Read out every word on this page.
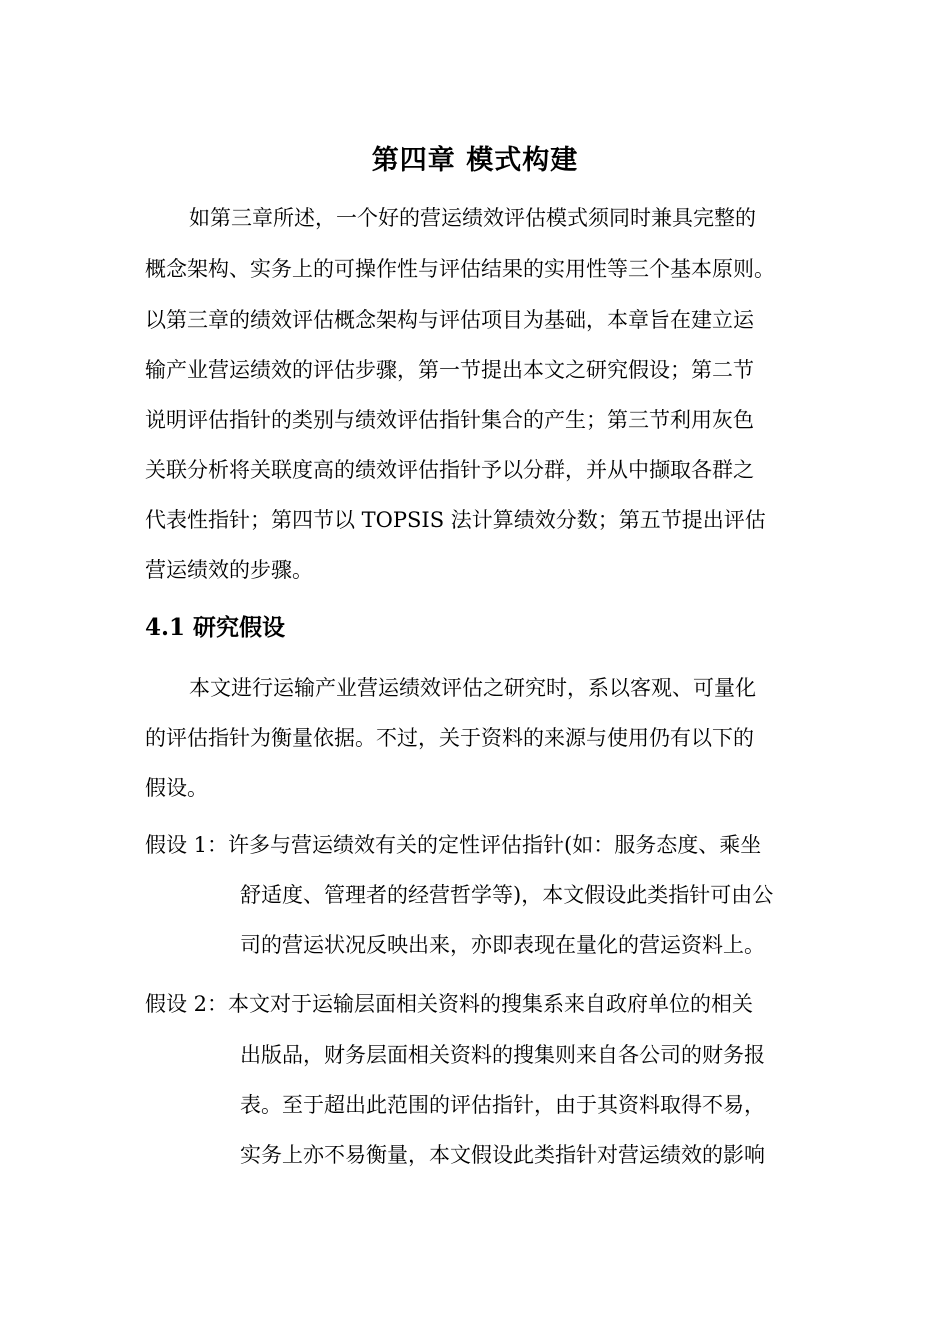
第四章 模式构建
如第三章所述，一个好的营运绩效评估模式须同时兼具完整的
概念架构、实务上的可操作性与评估结果的实用性等三个基本原则。
以第三章的绩效评估概念架构与评估项目为基础，本章旨在建立运
输产业营运绩效的评估步骤，第一节提出本文之研究假设；第二节
说明评估指针的类别与绩效评估指针集合的产生；第三节利用灰色
关联分析将关联度高的绩效评估指针予以分群，并从中撷取各群之
代表性指针；第四节以 TOPSIS 法计算绩效分数；第五节提出评估
营运绩效的步骤。
4.1 研究假设
本文进行运输产业营运绩效评估之研究时，系以客观、可量化
的评估指针为衡量依据。不过，关于资料的来源与使用仍有以下的
假设。
假设 1：许多与营运绩效有关的定性评估指针(如：服务态度、乘坐
舒适度、管理者的经营哲学等)，本文假设此类指针可由公
司的营运状况反映出来，亦即表现在量化的营运资料上。
假设 2：本文对于运输层面相关资料的搜集系来自政府单位的相关
出版品，财务层面相关资料的搜集则来自各公司的财务报
表。至于超出此范围的评估指针，由于其资料取得不易，
实务上亦不易衡量，本文假设此类指针对营运绩效的影响
